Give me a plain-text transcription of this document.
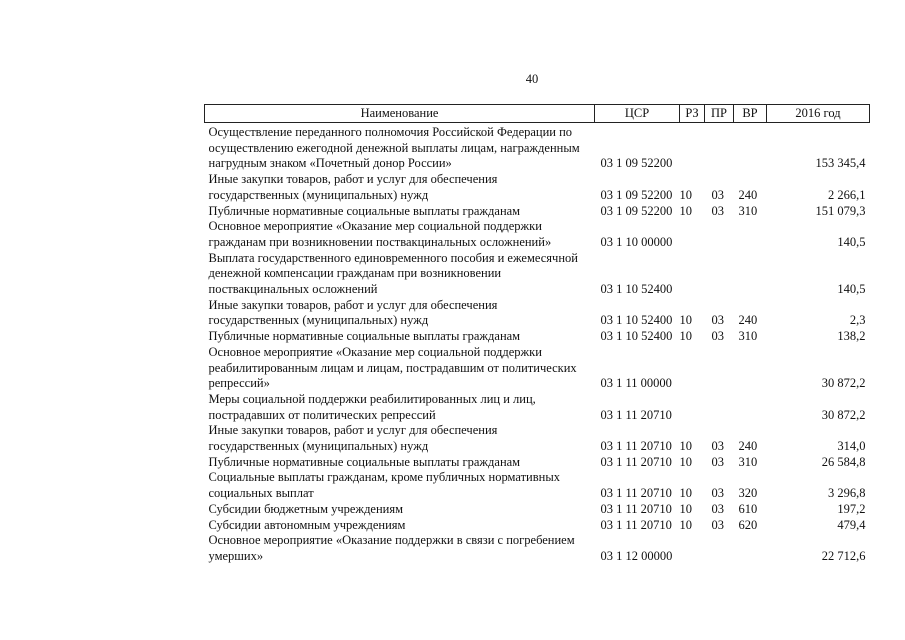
40
Наименование	ЦСР	РЗ	ПР	ВР	2016 год
Осуществление переданного полномочия Российской Федерации по осуществлению ежегодной денежной выплаты лицам, награжденным нагрудным знаком «Почетный донор России»	03 1 09 52200				153 345,4
Иные закупки товаров, работ и услуг для обеспечения государственных (муниципальных) нужд	03 1 09 52200	10	03	240	2 266,1
Публичные нормативные социальные выплаты гражданам	03 1 09 52200	10	03	310	151 079,3
Основное мероприятие «Оказание мер социальной поддержки гражданам при возникновении поствакцинальных осложнений»	03 1 10 00000				140,5
Выплата государственного единовременного пособия и ежемесячной денежной компенсации гражданам при возникновении поствакцинальных осложнений	03 1 10 52400				140,5
Иные закупки товаров, работ и услуг для обеспечения государственных (муниципальных) нужд	03 1 10 52400	10	03	240	2,3
Публичные нормативные социальные выплаты гражданам	03 1 10 52400	10	03	310	138,2
Основное мероприятие «Оказание мер социальной поддержки реабилитированным лицам и лицам, пострадавшим от политических репрессий»	03 1 11 00000				30 872,2
Меры социальной поддержки реабилитированных лиц и лиц, пострадавших от политических репрессий	03 1 11 20710				30 872,2
Иные закупки товаров, работ и услуг для обеспечения государственных (муниципальных) нужд	03 1 11 20710	10	03	240	314,0
Публичные нормативные социальные выплаты гражданам	03 1 11 20710	10	03	310	26 584,8
Социальные выплаты гражданам, кроме публичных нормативных социальных выплат	03 1 11 20710	10	03	320	3 296,8
Субсидии бюджетным учреждениям	03 1 11 20710	10	03	610	197,2
Субсидии автономным учреждениям	03 1 11 20710	10	03	620	479,4
Основное мероприятие «Оказание поддержки в связи с погребением умерших»	03 1 12 00000				22 712,6
